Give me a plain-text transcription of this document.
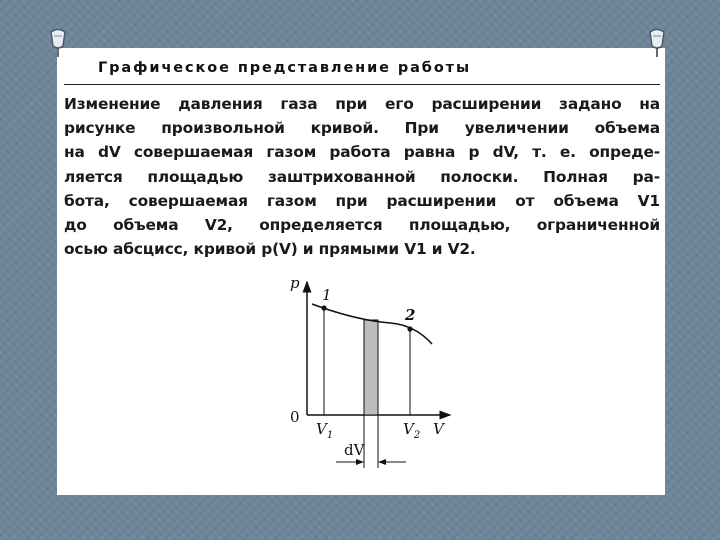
Графическое представление работы

Изменение давления газа при его расширении задано на
рисунке произвольной кривой. При увеличении объема
на dV совершаемая газом работа равна p dV, т. е. опреде-
ляется площадью заштрихованной полоски. Полная ра-
бота, совершаемая газом при расширении от объема V1
до объема V2, определяется площадью, ограниченной
осью абсцисс, кривой p(V) и прямыми V1 и V2.

p
1
2
0
V
$V_1$	$V_2$
dV
